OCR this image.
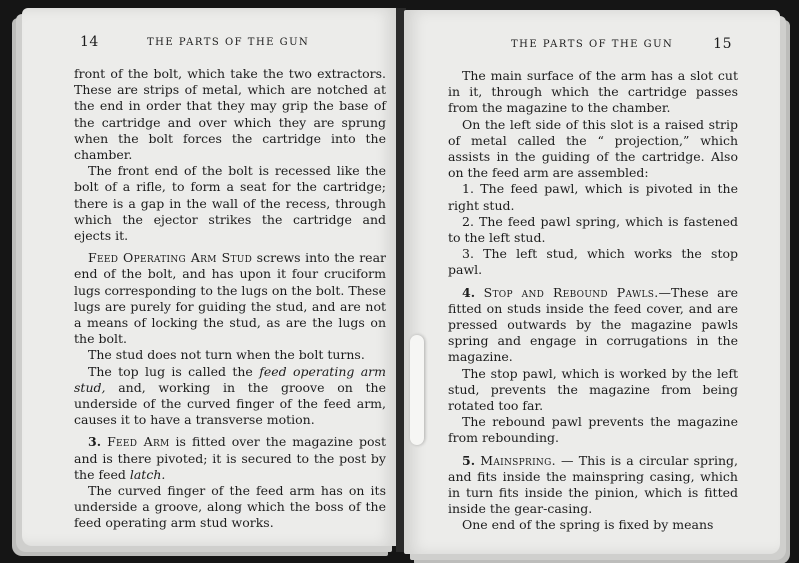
14	THE PARTS OF THE GUN

front of the bolt, which take the two extractors. These are strips of metal, which are notched at the end in order that they may grip the base of the cartridge and over which they are sprung when the bolt forces the cartridge into the chamber.

The front end of the bolt is recessed like the bolt of a rifle, to form a seat for the cartridge; there is a gap in the wall of the recess, through which the ejector strikes the cartridge and ejects it.

Feed Operating Arm Stud screws into the rear end of the bolt, and has upon it four cruciform lugs corresponding to the lugs on the bolt. These lugs are purely for guiding the stud, and are not a means of locking the stud, as are the lugs on the bolt.

The stud does not turn when the bolt turns.

The top lug is called the feed operating arm stud, and, working in the groove on the underside of the curved finger of the feed arm, causes it to have a transverse motion.

3. Feed Arm is fitted over the magazine post and is there pivoted; it is secured to the post by the feed latch.

The curved finger of the feed arm has on its underside a groove, along which the boss of the feed operating arm stud works.

THE PARTS OF THE GUN	15

The main surface of the arm has a slot cut in it, through which the cartridge passes from the magazine to the chamber.

On the left side of this slot is a raised strip of metal called the “ projection,” which assists in the guiding of the cartridge. Also on the feed arm are assembled:

1. The feed pawl, which is pivoted in the right stud.

2. The feed pawl spring, which is fastened to the left stud.

3. The left stud, which works the stop pawl.

4. Stop and Rebound Pawls.—These are fitted on studs inside the feed cover, and are pressed outwards by the magazine pawls spring and engage in corrugations in the magazine.

The stop pawl, which is worked by the left stud, prevents the magazine from being rotated too far.

The rebound pawl prevents the magazine from rebounding.

5. Mainspring. — This is a circular spring, and fits inside the mainspring casing, which in turn fits inside the pinion, which is fitted inside the gear-casing.

One end of the spring is fixed by means
